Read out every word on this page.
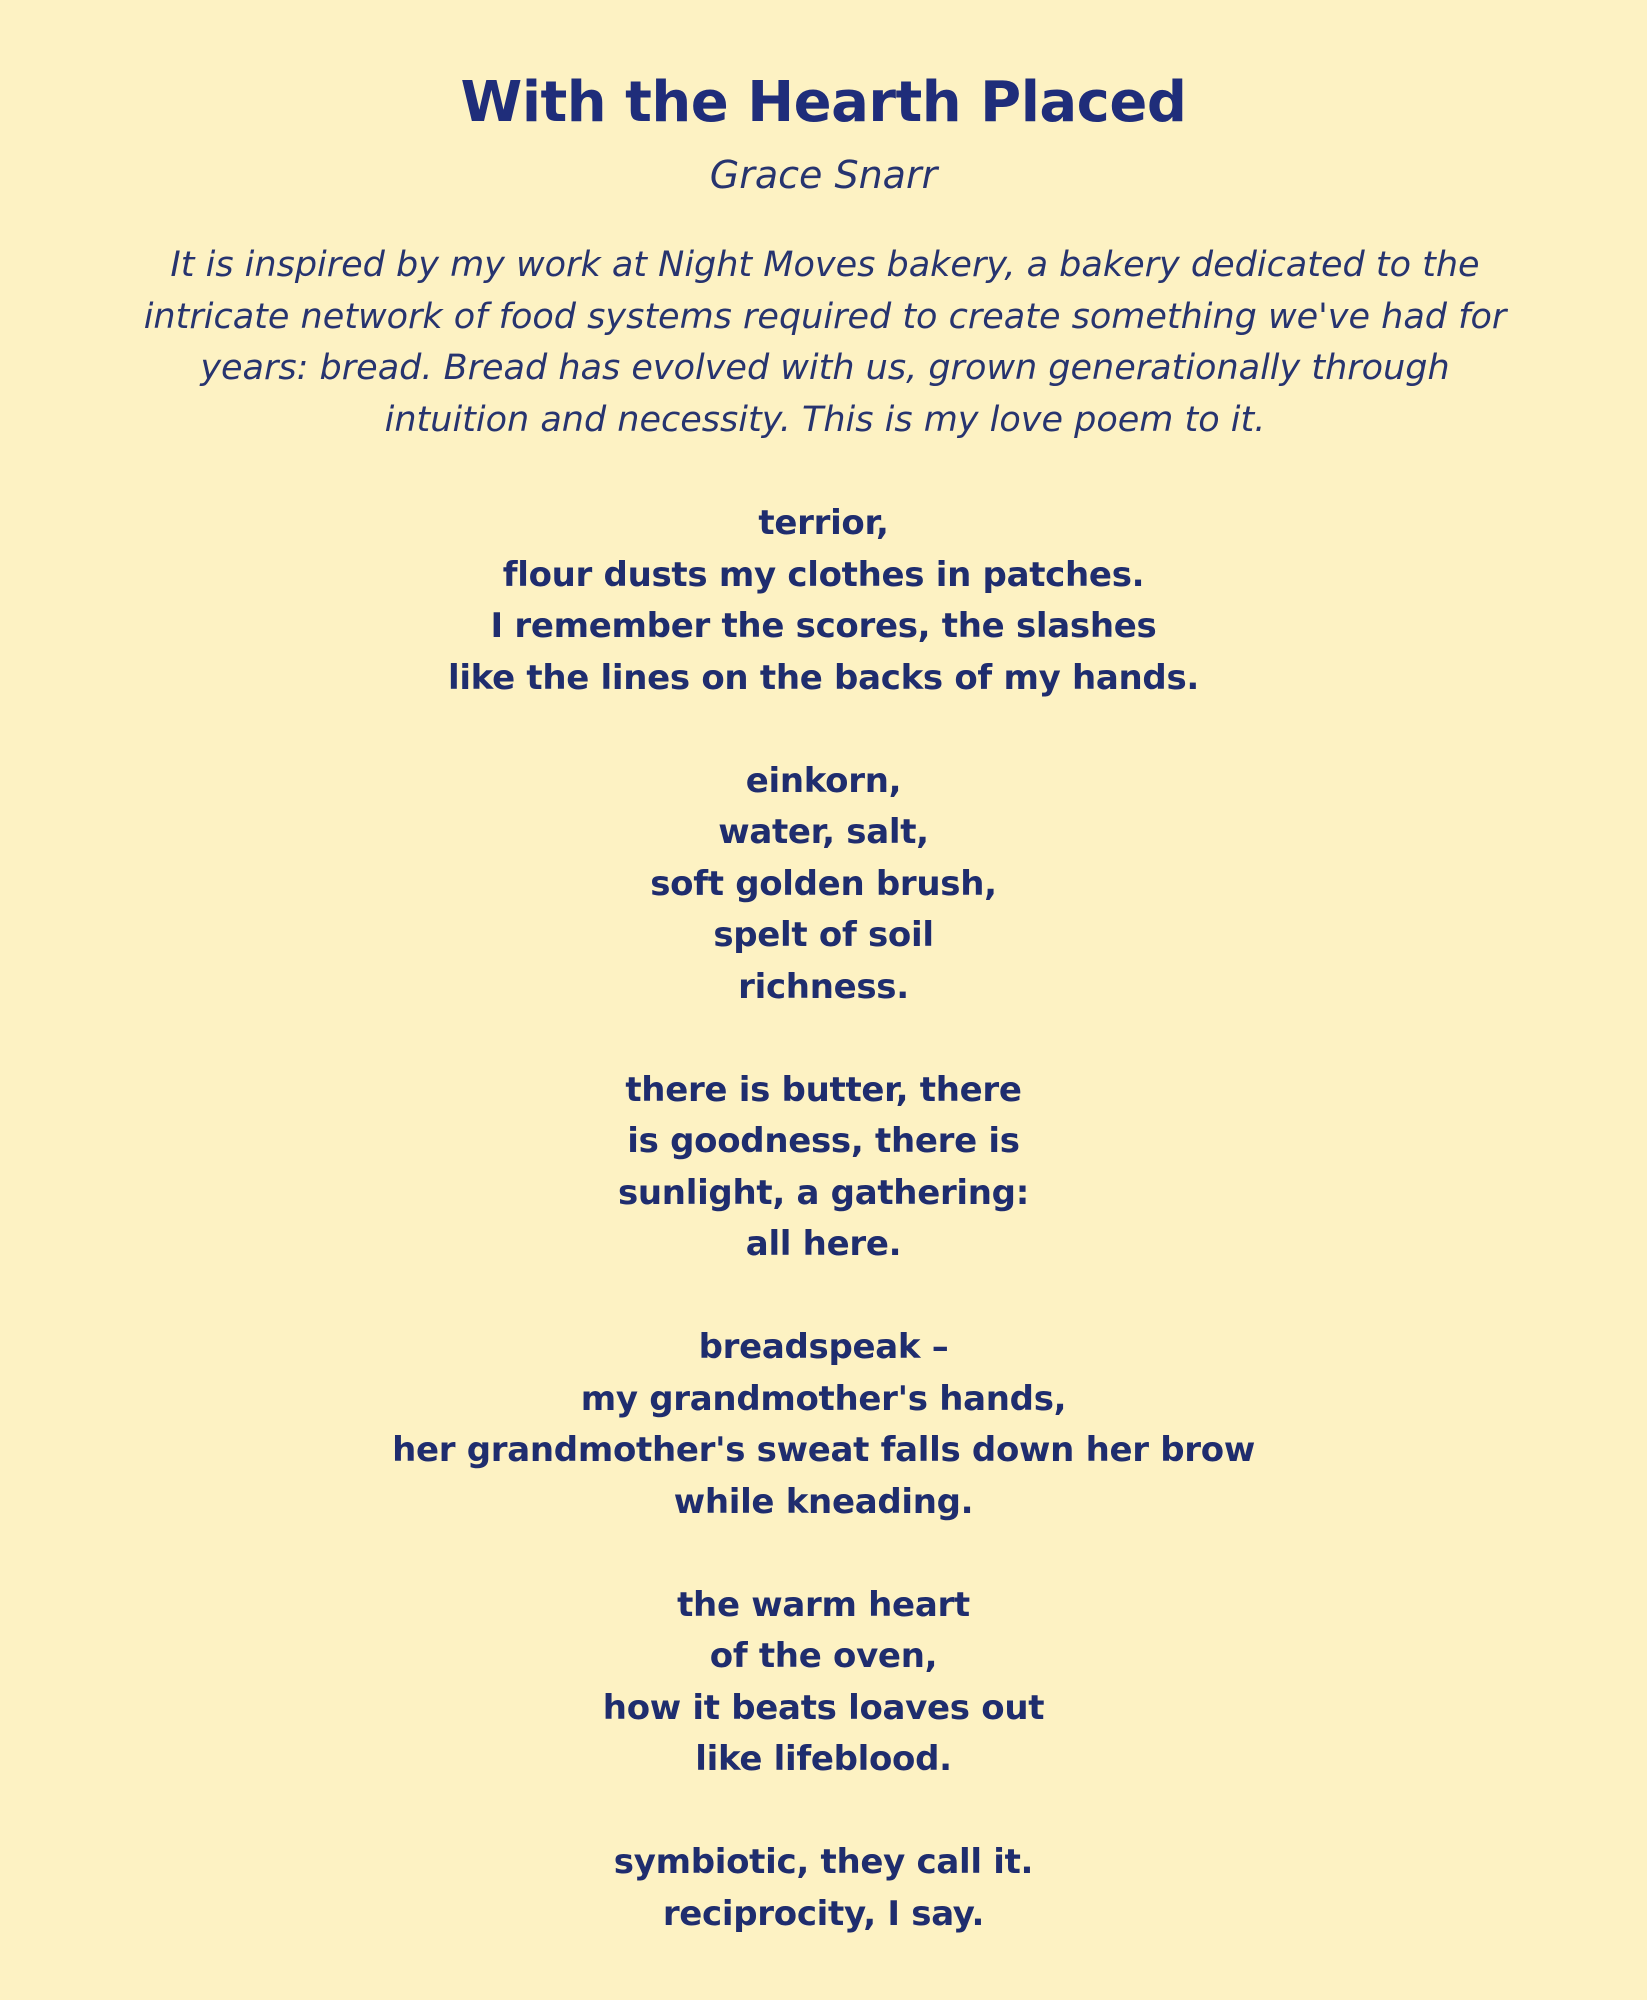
With the Hearth Placed
Grace Snarr
It is inspired by my work at Night Moves bakery, a bakery dedicated to the
intricate network of food systems required to create something we've had for
years: bread. Bread has evolved with us, grown generationally through
intuition and necessity. This is my love poem to it.
terrior,
flour dusts my clothes in patches.
I remember the scores, the slashes
like the lines on the backs of my hands.
einkorn,
water, salt,
soft golden brush,
spelt of soil
richness.
there is butter, there
is goodness, there is
sunlight, a gathering:
all here.
breadspeak –
my grandmother's hands,
her grandmother's sweat falls down her brow
while kneading.
the warm heart
of the oven,
how it beats loaves out
like lifeblood.
symbiotic, they call it.
reciprocity, I say.
